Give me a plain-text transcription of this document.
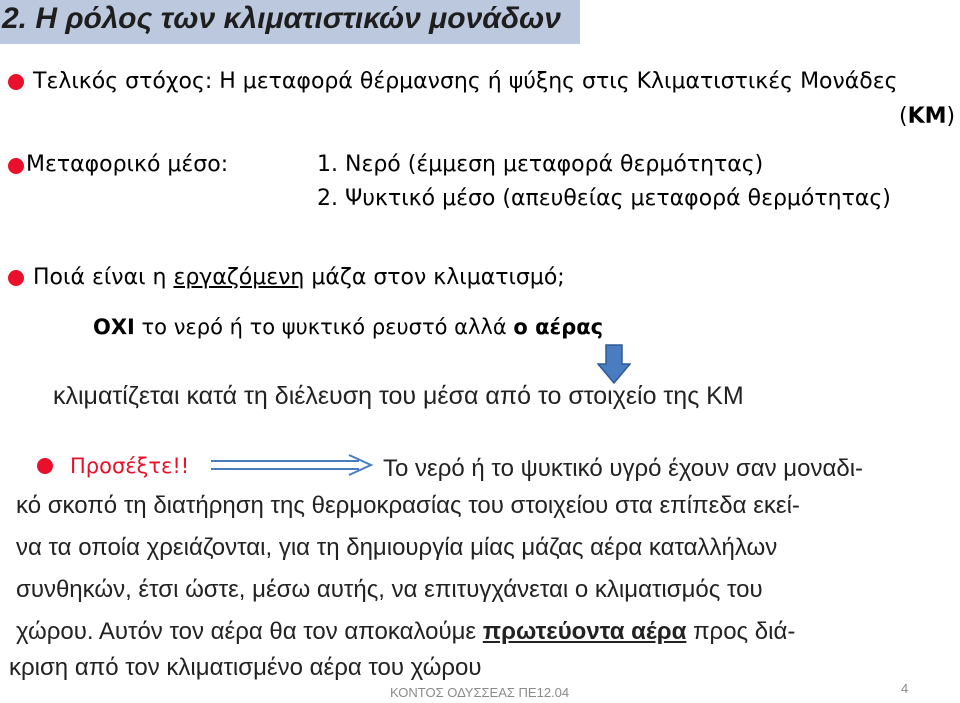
2. Η ρόλος των κλιματιστικών μονάδων
Τελικός στόχος: Η μεταφορά θέρμανσης ή ψύξης στις Κλιματιστικές Μονάδες
(ΚΜ)
Μεταφορικό μέσο:	1. Νερό (έμμεση μεταφορά θερμότητας)
2. Ψυκτικό μέσο (απευθείας μεταφορά θερμότητας)
Ποιά είναι η εργαζόμενη μάζα στον κλιματισμό;
ΟΧΙ το νερό ή το ψυκτικό ρευστό αλλά ο αέρας
κλιματίζεται κατά τη διέλευση του μέσα από το στοιχείο της ΚΜ
Προσέξτε!!	Το νερό ή το ψυκτικό υγρό έχουν σαν μοναδι-
κό σκοπό τη διατήρηση της θερμοκρασίας του στοιχείου στα επίπεδα εκεί-
να τα οποία χρειάζονται, για τη δημιουργία μίας μάζας αέρα καταλλήλων
συνθηκών, έτσι ώστε, μέσω αυτής, να επιτυγχάνεται ο κλιματισμός του
χώρου. Αυτόν τον αέρα θα τον αποκαλούμε πρωτεύοντα αέρα προς διά-
κριση από τον κλιματισμένο αέρα του χώρου
ΚΟΝΤΟΣ ΟΔΥΣΣΕΑΣ ΠΕ12.04	4
